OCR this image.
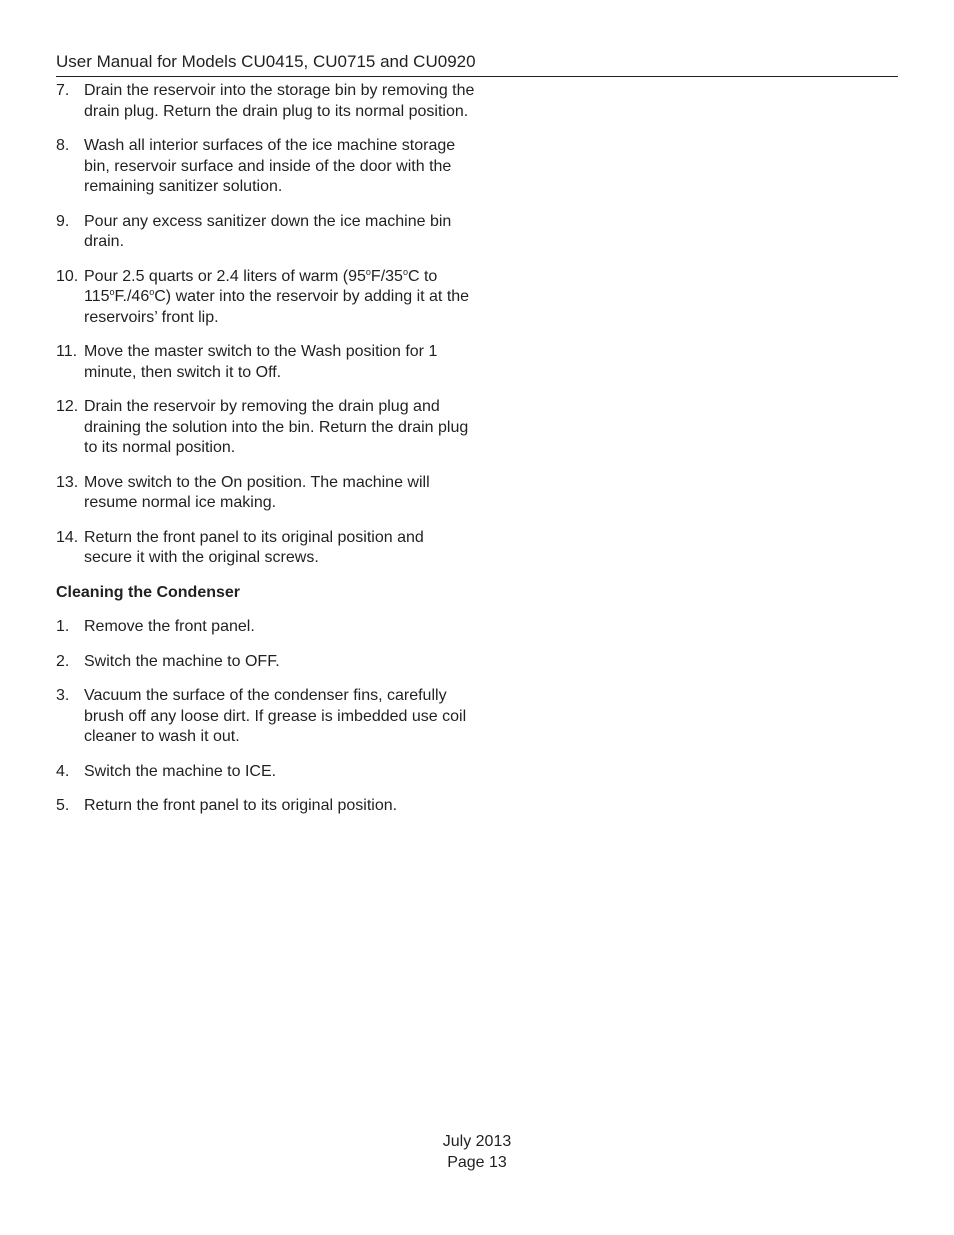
User Manual for Models CU0415, CU0715 and CU0920
7. Drain the reservoir into the storage bin by removing the drain plug. Return the drain plug to its normal position.
8. Wash all interior surfaces of the ice machine storage bin, reservoir surface and inside of the door with the remaining sanitizer solution.
9. Pour any excess sanitizer down the ice machine bin drain.
10. Pour 2.5 quarts or 2.4 liters of warm (95$^o$F/35$^o$C to 115$^o$F./46$^o$C) water into the reservoir by adding it at the reservoirs’ front lip.
11. Move the master switch to the Wash position for 1 minute, then switch it to Off.
12. Drain the reservoir by removing the drain plug and draining the solution into the bin. Return the drain plug to its normal position.
13. Move switch to the On position. The machine will resume normal ice making.
14. Return the front panel to its original position and secure it with the original screws.
Cleaning the Condenser
1. Remove the front panel.
2. Switch the machine to OFF.
3. Vacuum the surface of the condenser fins, carefully brush off any loose dirt. If grease is imbedded use coil cleaner to wash it out.
4. Switch the machine to ICE.
5. Return the front panel to its original position.
July 2013
Page 13
